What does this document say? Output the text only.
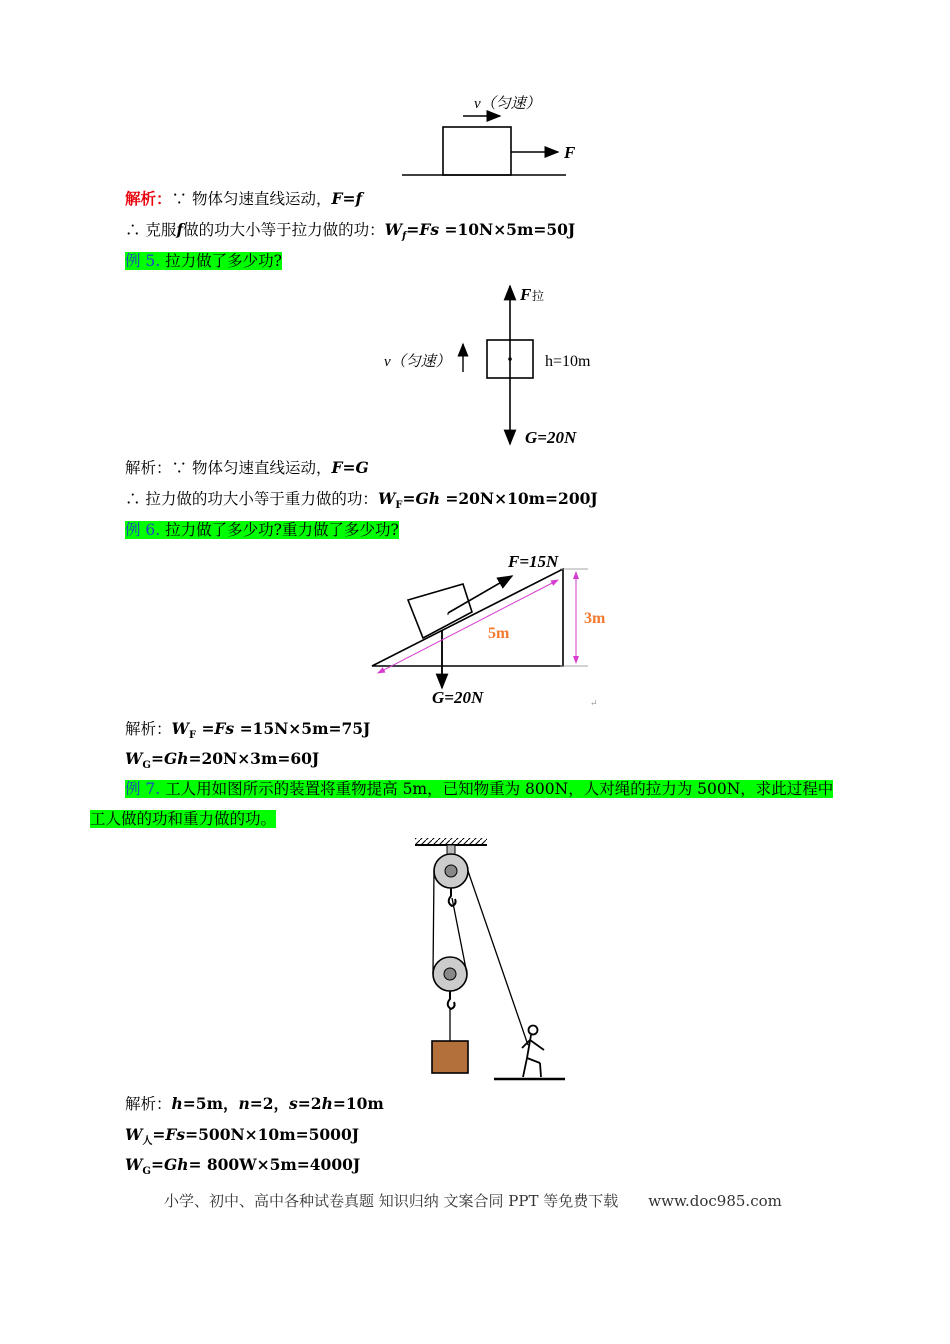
v（匀速）
F
解析：∵ 物体匀速直线运动，F=f
∴ 克服f做的功大小等于拉力做的功：$W_f=Fs =10N\times 5m=50J$
例 5. 拉力做了多少功?
F 拉
v（匀速）	h=10m
G=20N
解析：∵ 物体匀速直线运动，F=G
∴ 拉力做的功大小等于重力做的功：$W_F=Gh =20N\times 10m=200J$
例 6. 拉力做了多少功?重力做了多少功?
F=15N
5m
3m
G=20N	↵
解析：$W_F =Fs =15N\times 5m=75J$
$W_G=Gh=20N\times 3m=60J$
例 7. 工人用如图所示的装置将重物提高 5m，已知物重为 800N，人对绳的拉力为 500N，求此过程中
工人做的功和重力做的功。
解析：h=5m，n=2，s=2h=10m
$W_人=Fs=500N\times 10m=5000J$
$W_G=Gh= 800W\times 5m=4000J$
小学、初中、高中各种试卷真题 知识归纳 文案合同 PPT 等免费下载　　www.doc985.com
